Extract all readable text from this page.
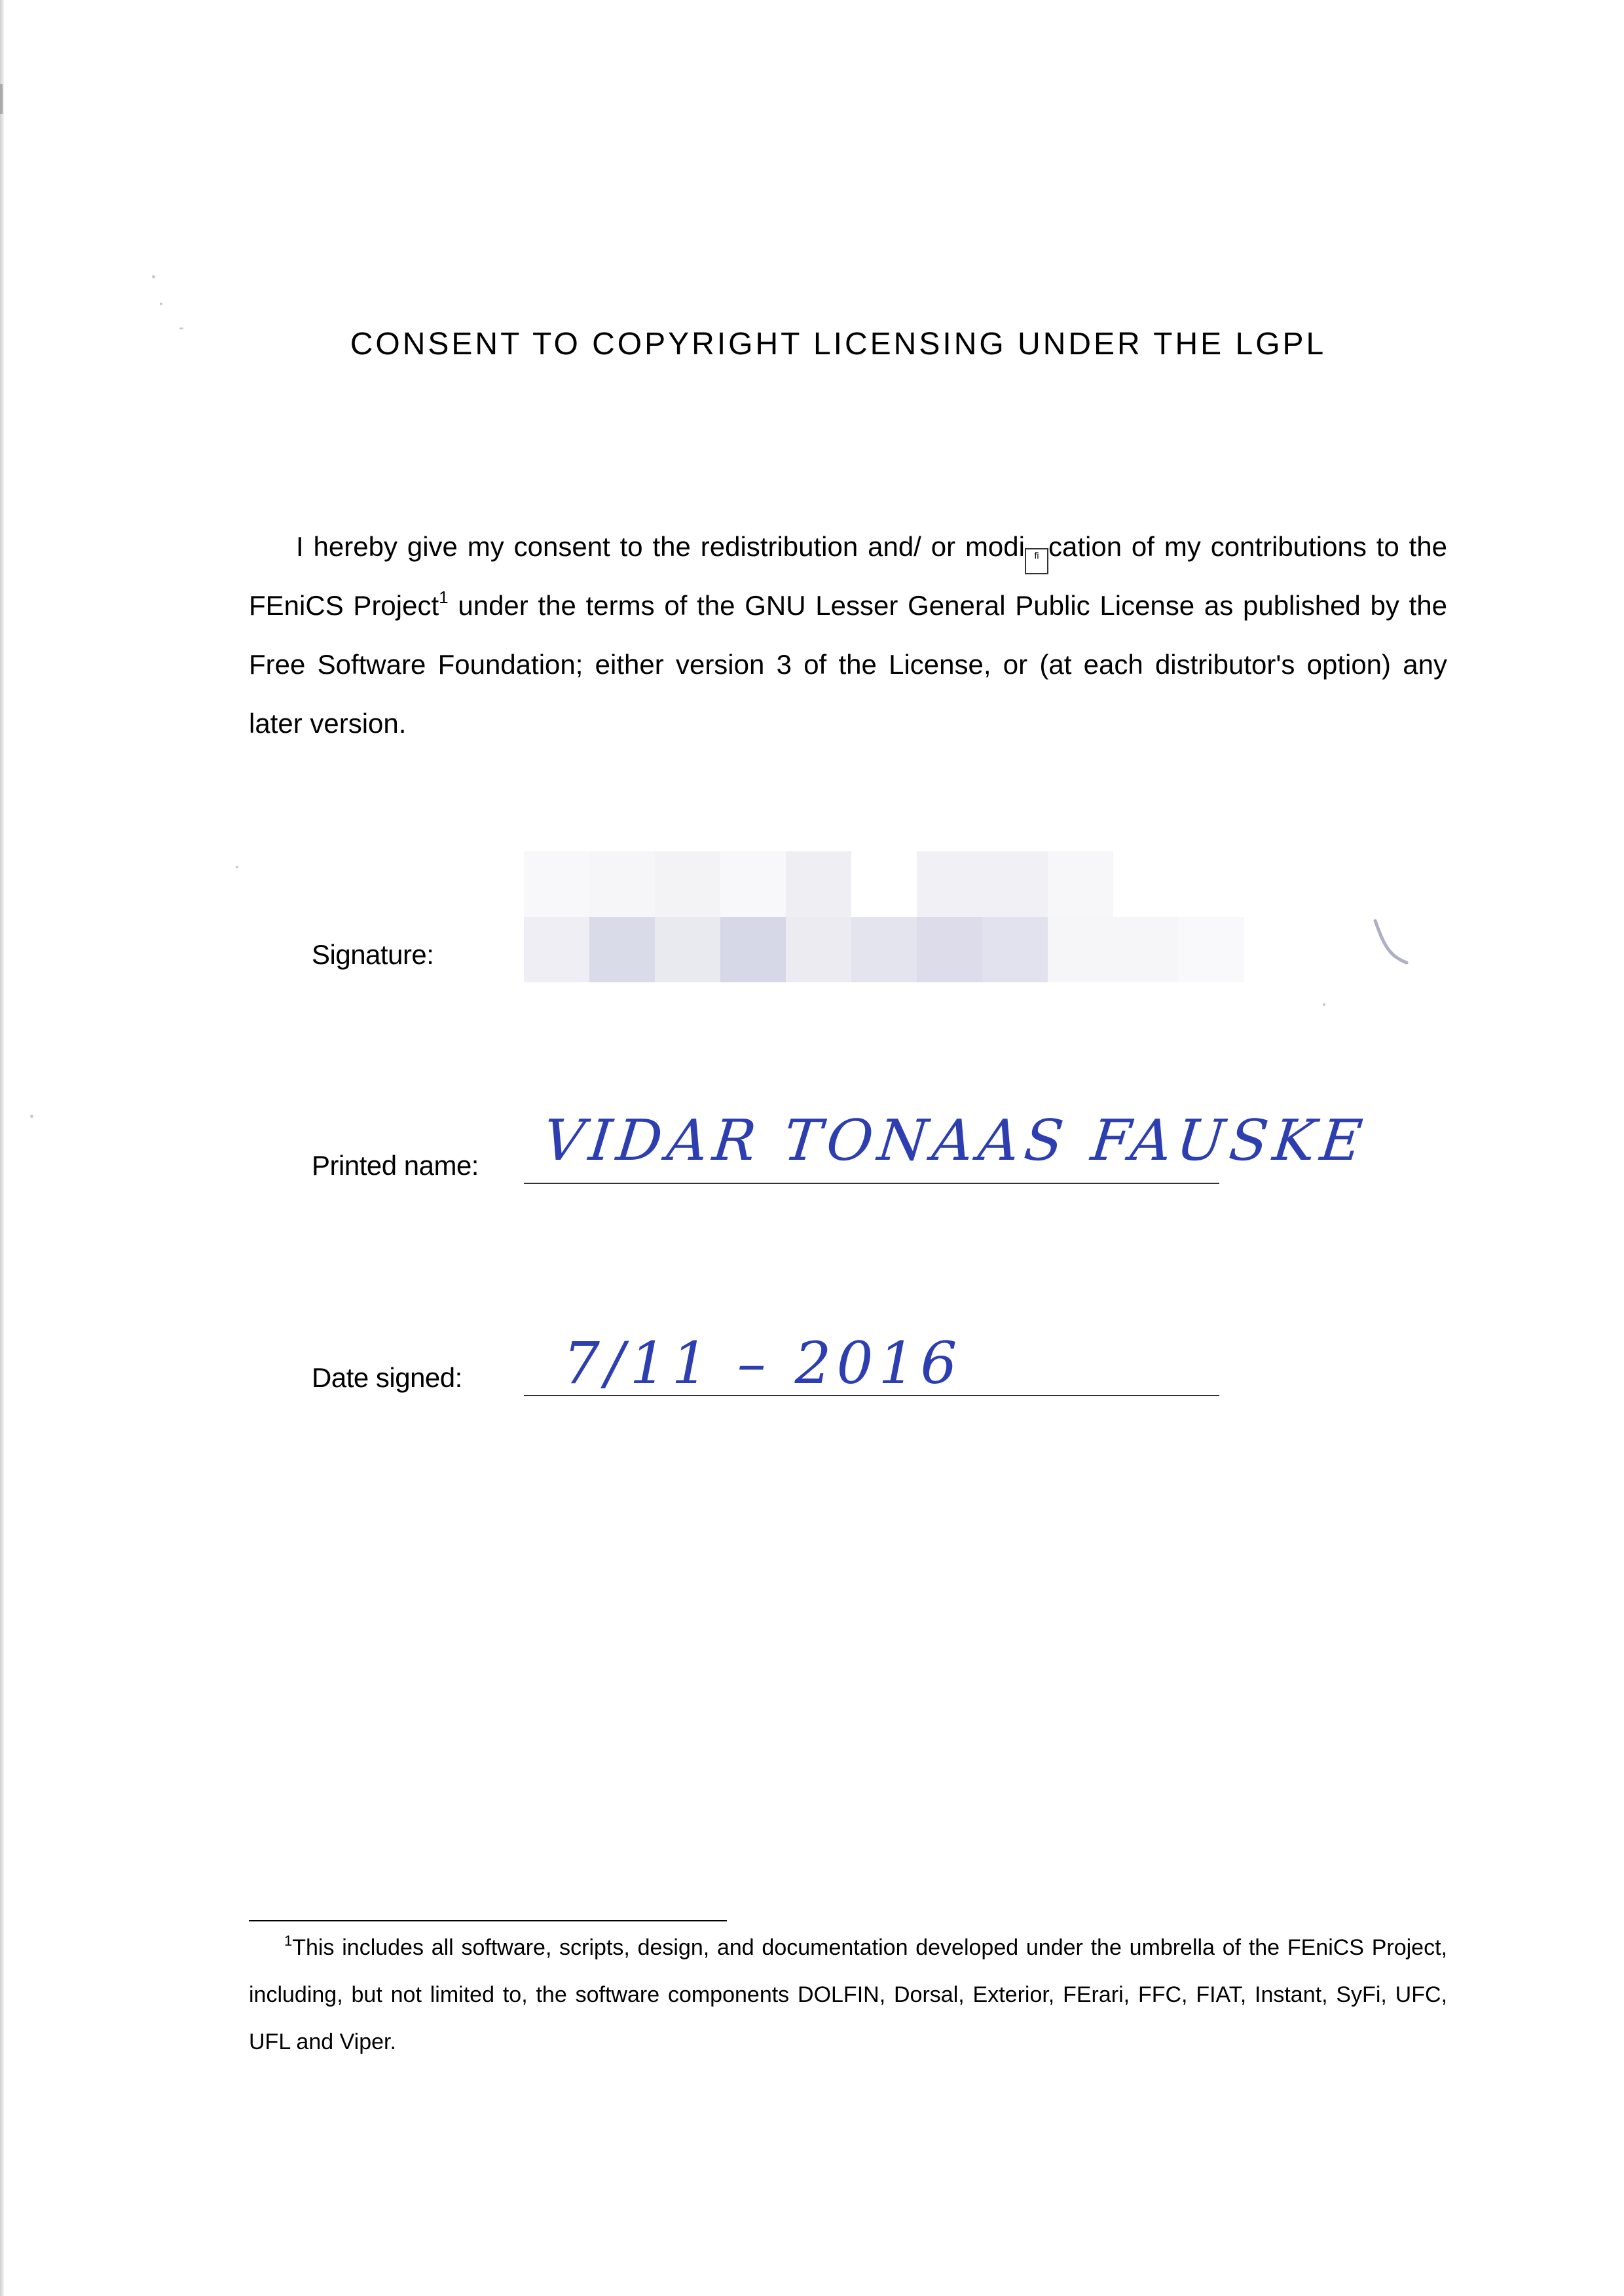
CONSENT TO COPYRIGHT LICENSING UNDER THE LGPL

I hereby give my consent to the redistribution and/ or modi fi cation of my contributions to the FEniCS Project$^1$ under the terms of the GNU Lesser General Public License as published by the Free Software Foundation; either version 3 of the License, or (at each distributor's option) any later version.

Signature:
Printed name: VIDAR TONAAS FAUSKE
Date signed: 7/11 – 2016

$^1$This includes all software, scripts, design, and documentation developed under the umbrella of the FEniCS Project, including, but not limited to, the software components DOLFIN, Dorsal, Exterior, FErari, FFC, FIAT, Instant, SyFi, UFC, UFL and Viper.
